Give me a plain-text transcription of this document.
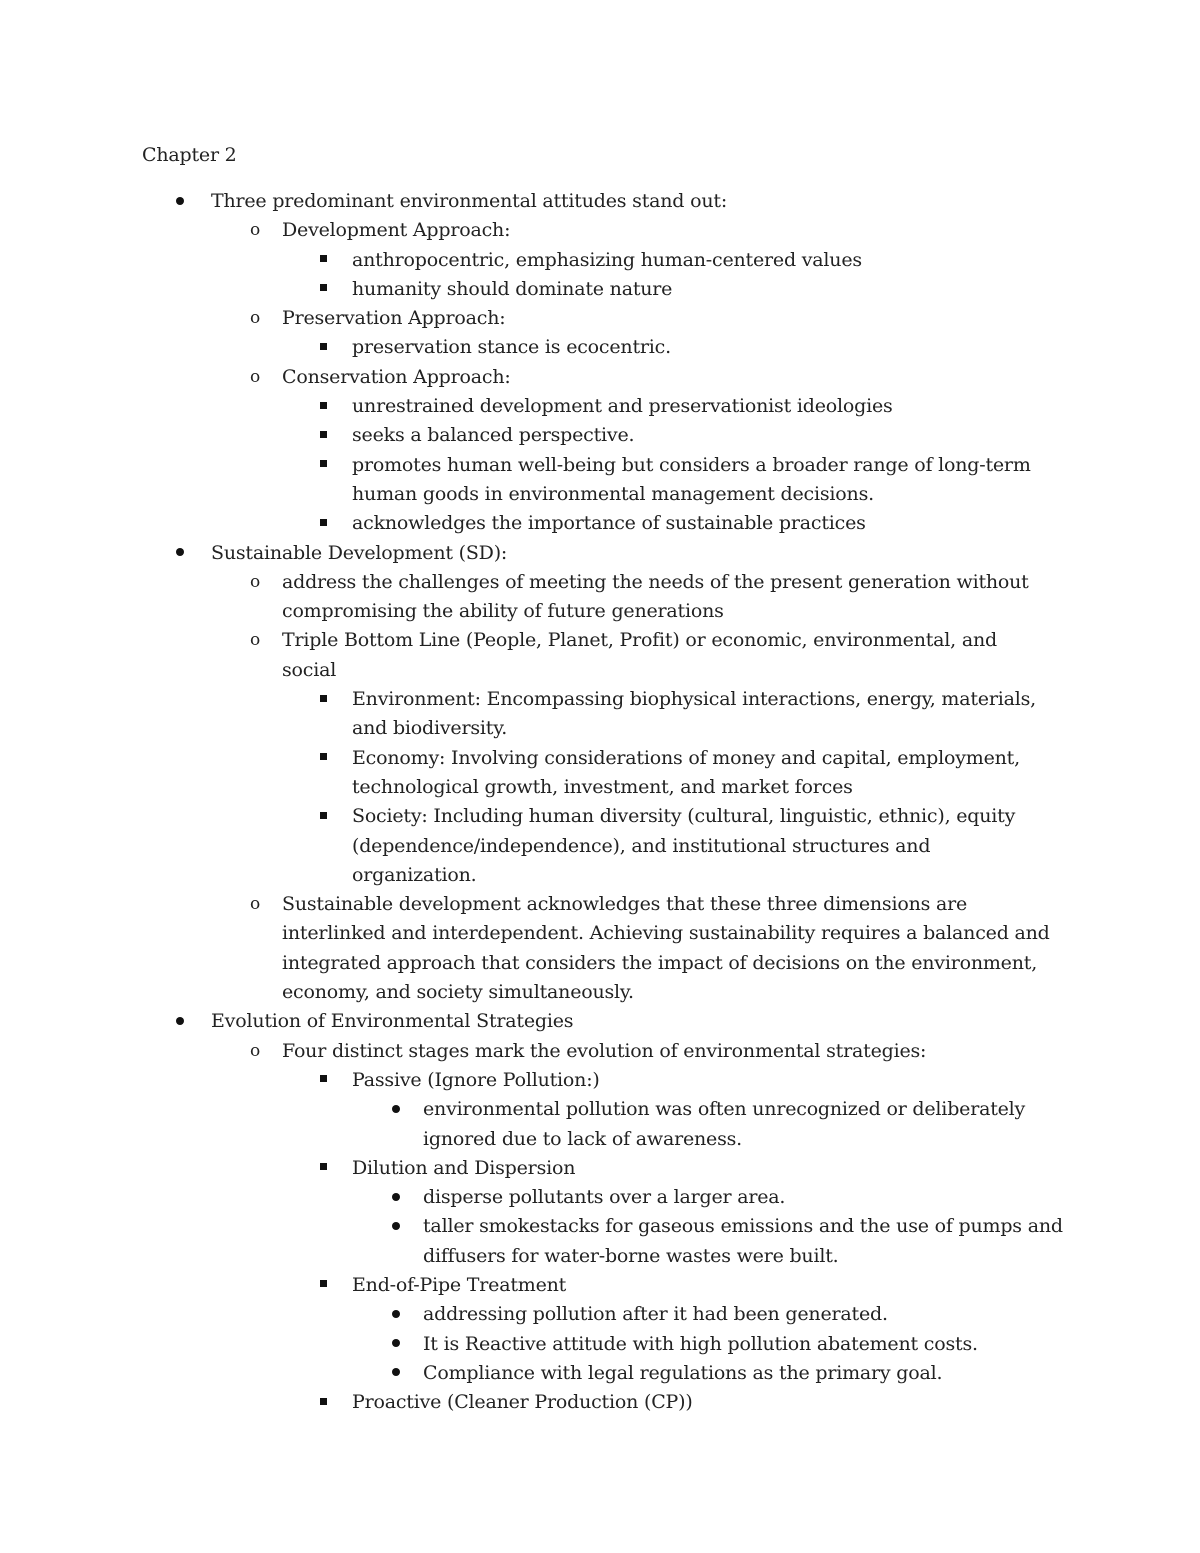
Chapter 2
Three predominant environmental attitudes stand out:
o Development Approach:
anthropocentric, emphasizing human-centered values
humanity should dominate nature
o Preservation Approach:
preservation stance is ecocentric.
o Conservation Approach:
unrestrained development and preservationist ideologies
seeks a balanced perspective.
promotes human well-being but considers a broader range of long-term human goods in environmental management decisions.
acknowledges the importance of sustainable practices
Sustainable Development (SD):
o address the challenges of meeting the needs of the present generation without compromising the ability of future generations
o Triple Bottom Line (People, Planet, Profit) or economic, environmental, and social
Environment: Encompassing biophysical interactions, energy, materials, and biodiversity.
Economy: Involving considerations of money and capital, employment, technological growth, investment, and market forces
Society: Including human diversity (cultural, linguistic, ethnic), equity (dependence/independence), and institutional structures and organization.
o Sustainable development acknowledges that these three dimensions are interlinked and interdependent. Achieving sustainability requires a balanced and integrated approach that considers the impact of decisions on the environment, economy, and society simultaneously.
Evolution of Environmental Strategies
o Four distinct stages mark the evolution of environmental strategies:
Passive (Ignore Pollution:)
environmental pollution was often unrecognized or deliberately ignored due to lack of awareness.
Dilution and Dispersion
disperse pollutants over a larger area.
taller smokestacks for gaseous emissions and the use of pumps and diffusers for water-borne wastes were built.
End-of-Pipe Treatment
addressing pollution after it had been generated.
It is Reactive attitude with high pollution abatement costs.
Compliance with legal regulations as the primary goal.
Proactive (Cleaner Production (CP))
